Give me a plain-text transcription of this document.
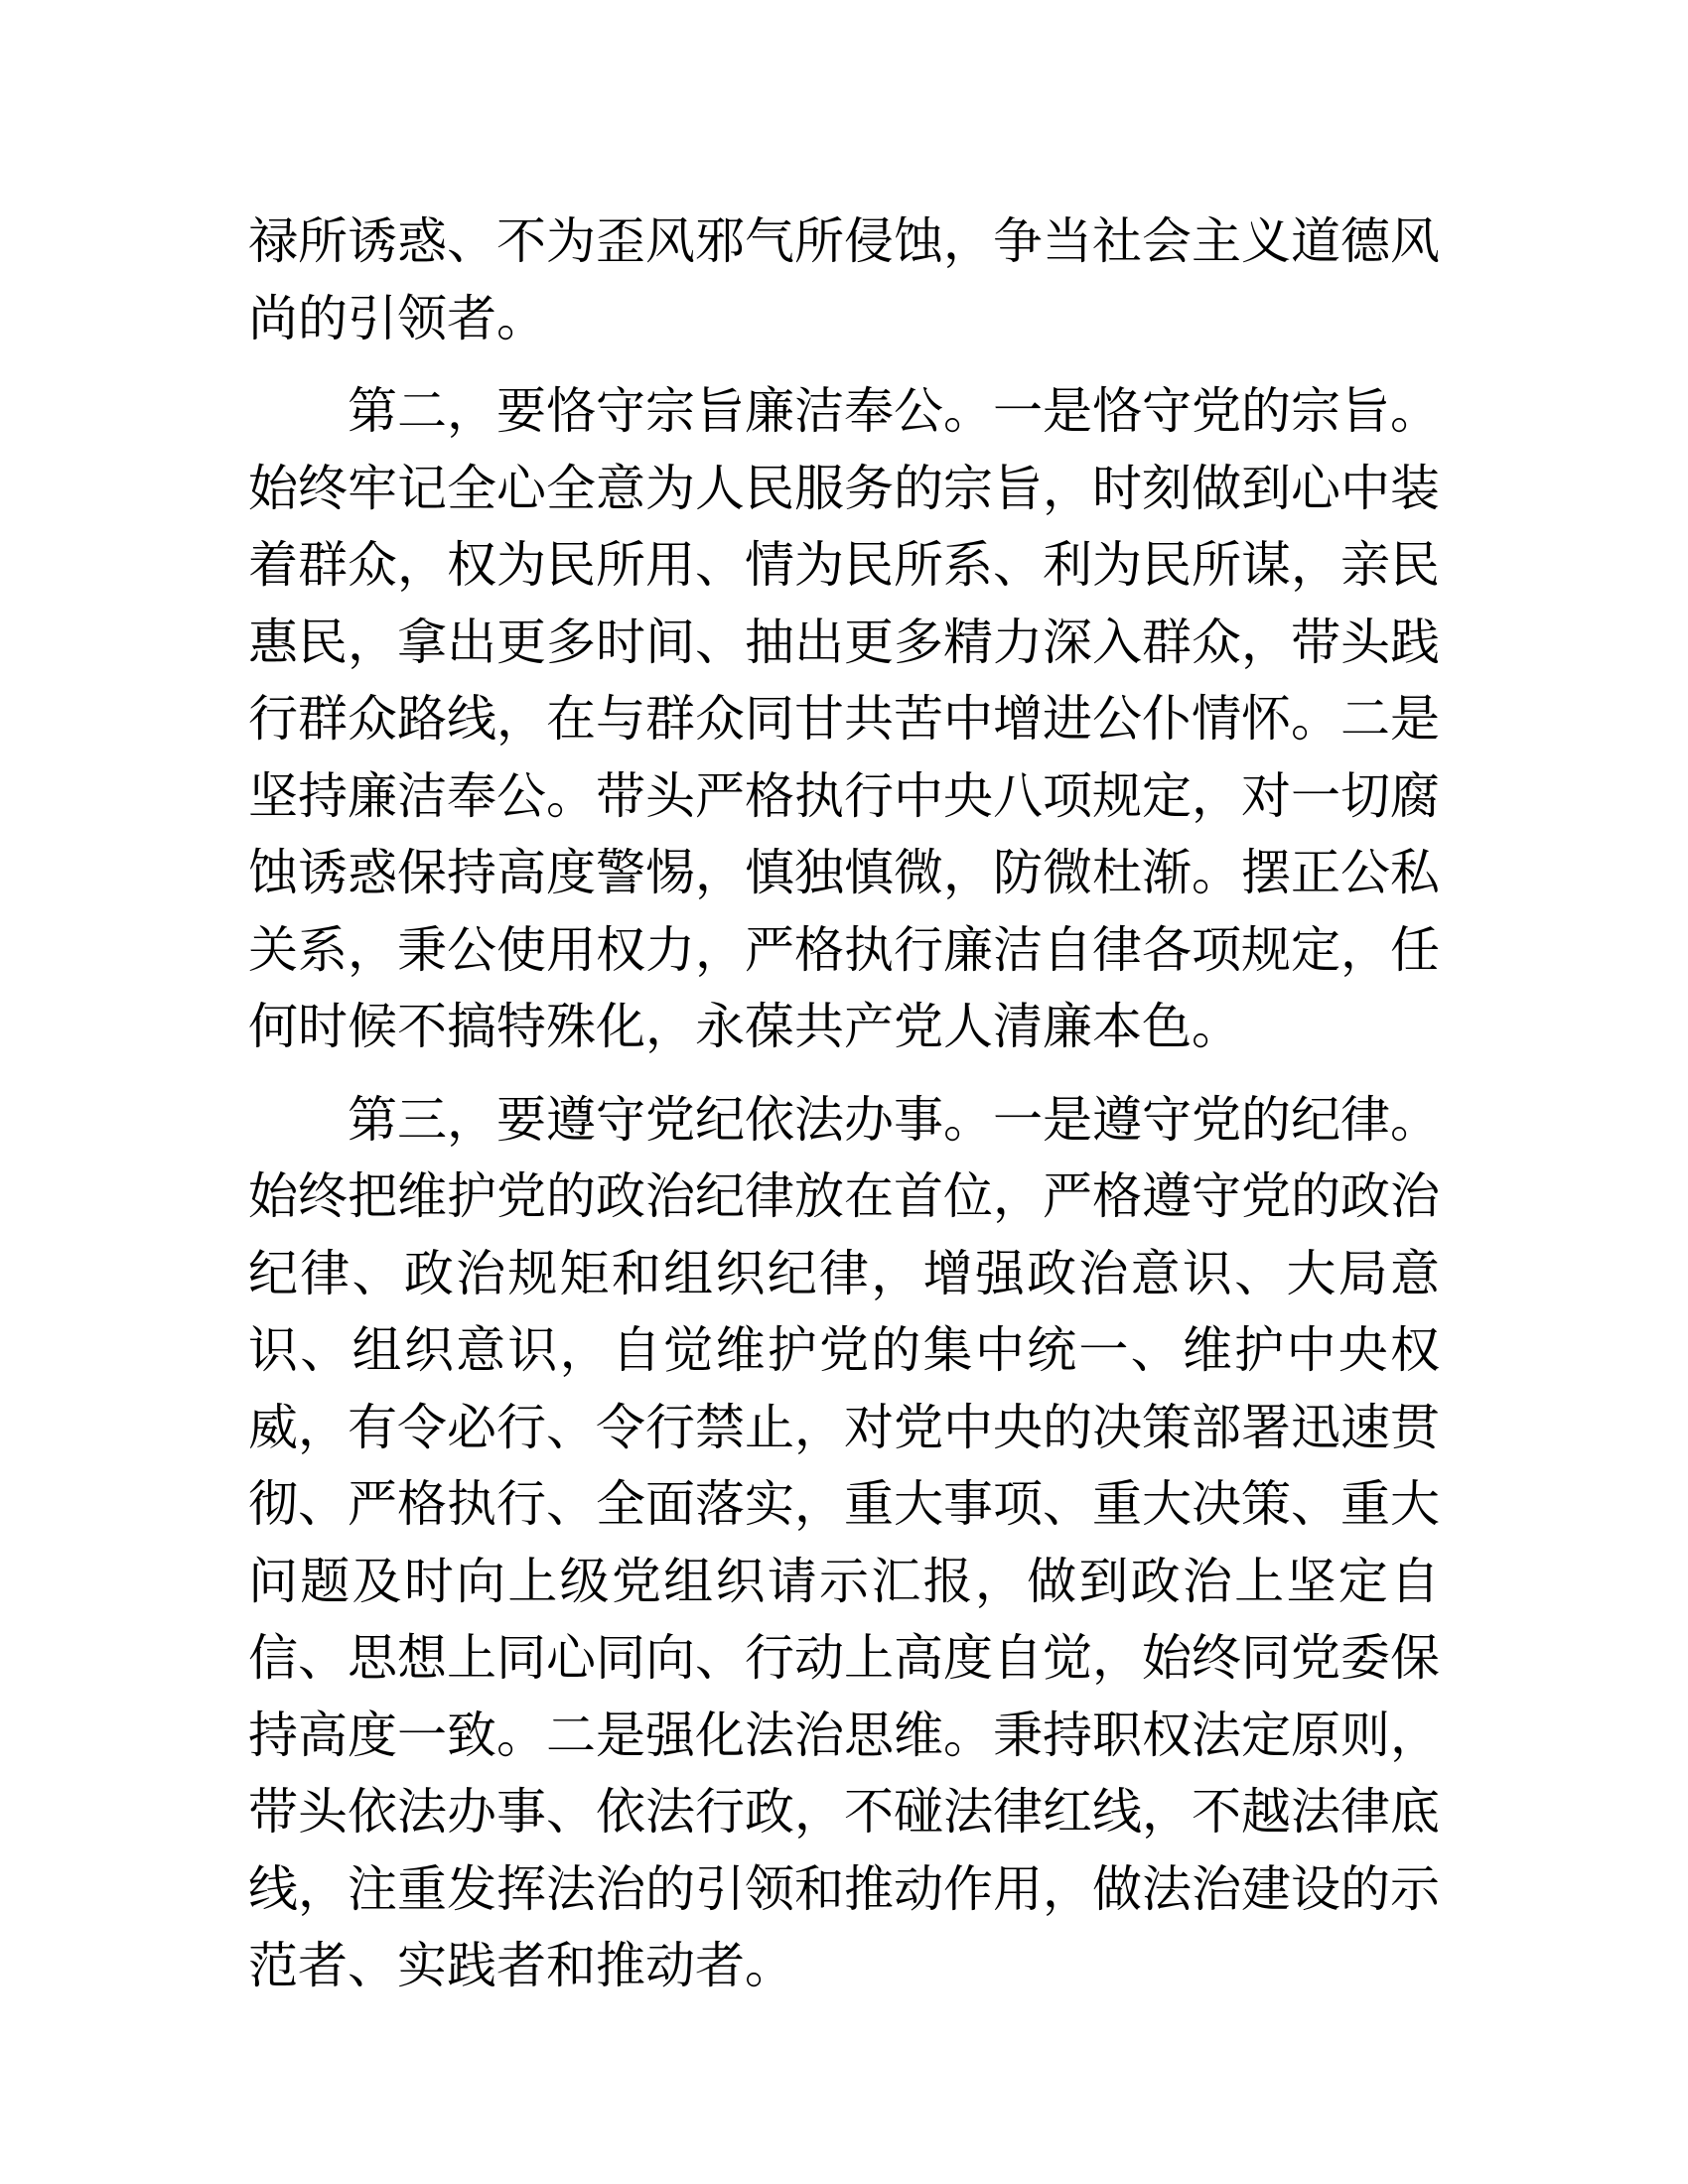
禄所诱惑、不为歪风邪气所侵蚀，争当社会主义道德风尚的引领者。

第二，要恪守宗旨廉洁奉公。一是恪守党的宗旨。始终牢记全心全意为人民服务的宗旨，时刻做到心中装着群众，权为民所用、情为民所系、利为民所谋，亲民惠民，拿出更多时间、抽出更多精力深入群众，带头践行群众路线，在与群众同甘共苦中增进公仆情怀。二是坚持廉洁奉公。带头严格执行中央八项规定，对一切腐蚀诱惑保持高度警惕，慎独慎微，防微杜渐。摆正公私关系，秉公使用权力，严格执行廉洁自律各项规定，任何时候不搞特殊化，永葆共产党人清廉本色。

第三，要遵守党纪依法办事。一是遵守党的纪律。始终把维护党的政治纪律放在首位，严格遵守党的政治纪律、政治规矩和组织纪律，增强政治意识、大局意识、组织意识，自觉维护党的集中统一、维护中央权威，有令必行、令行禁止，对党中央的决策部署迅速贯彻、严格执行、全面落实，重大事项、重大决策、重大问题及时向上级党组织请示汇报，做到政治上坚定自信、思想上同心同向、行动上高度自觉，始终同党委保持高度一致。二是强化法治思维。秉持职权法定原则，带头依法办事、依法行政，不碰法律红线，不越法律底线，注重发挥法治的引领和推动作用，做法治建设的示范者、实践者和推动者。
